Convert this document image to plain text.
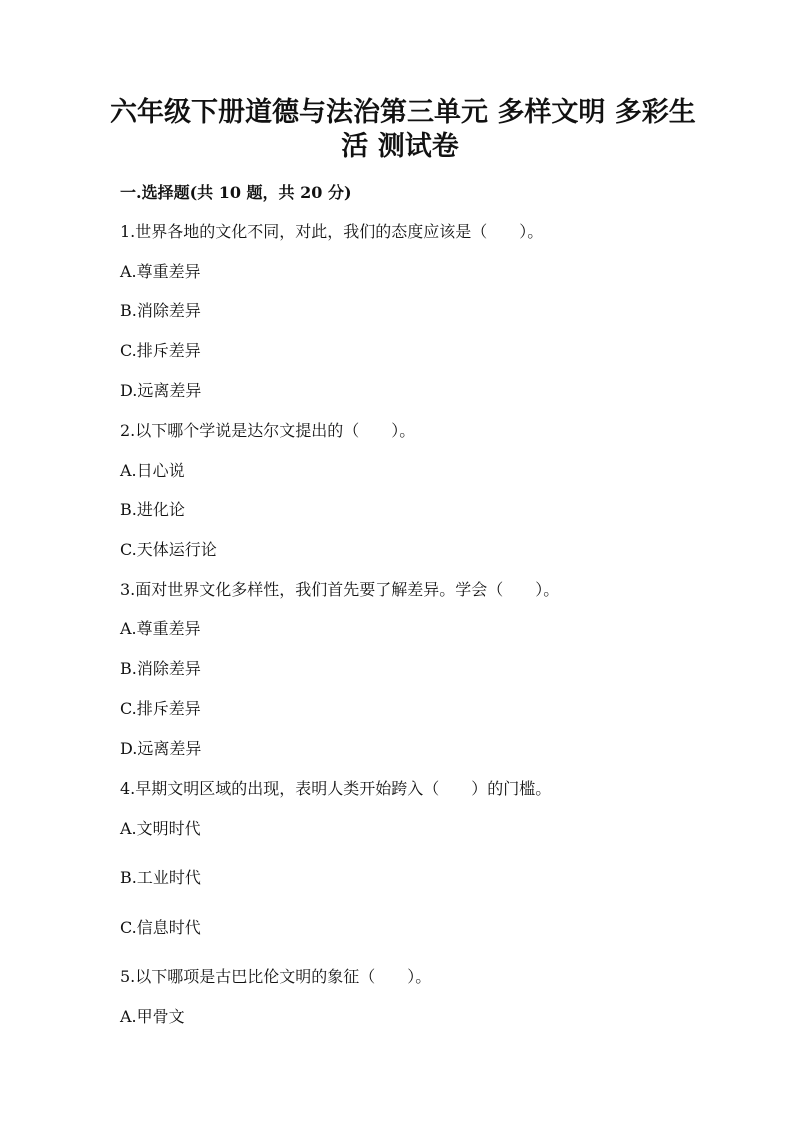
六年级下册道德与法治第三单元 多样文明 多彩生
活 测试卷
一.选择题(共 10 题，共 20 分)
1.世界各地的文化不同，对此，我们的态度应该是（　　）。
A.尊重差异
B.消除差异
C.排斥差异
D.远离差异
2.以下哪个学说是达尔文提出的（　　）。
A.日心说
B.进化论
C.天体运行论
3.面对世界文化多样性，我们首先要了解差异。学会（　　）。
A.尊重差异
B.消除差异
C.排斥差异
D.远离差异
4.早期文明区域的出现，表明人类开始跨入（　　）的门槛。
A.文明时代
B.工业时代
C.信息时代
5.以下哪项是古巴比伦文明的象征（　　）。
A.甲骨文
